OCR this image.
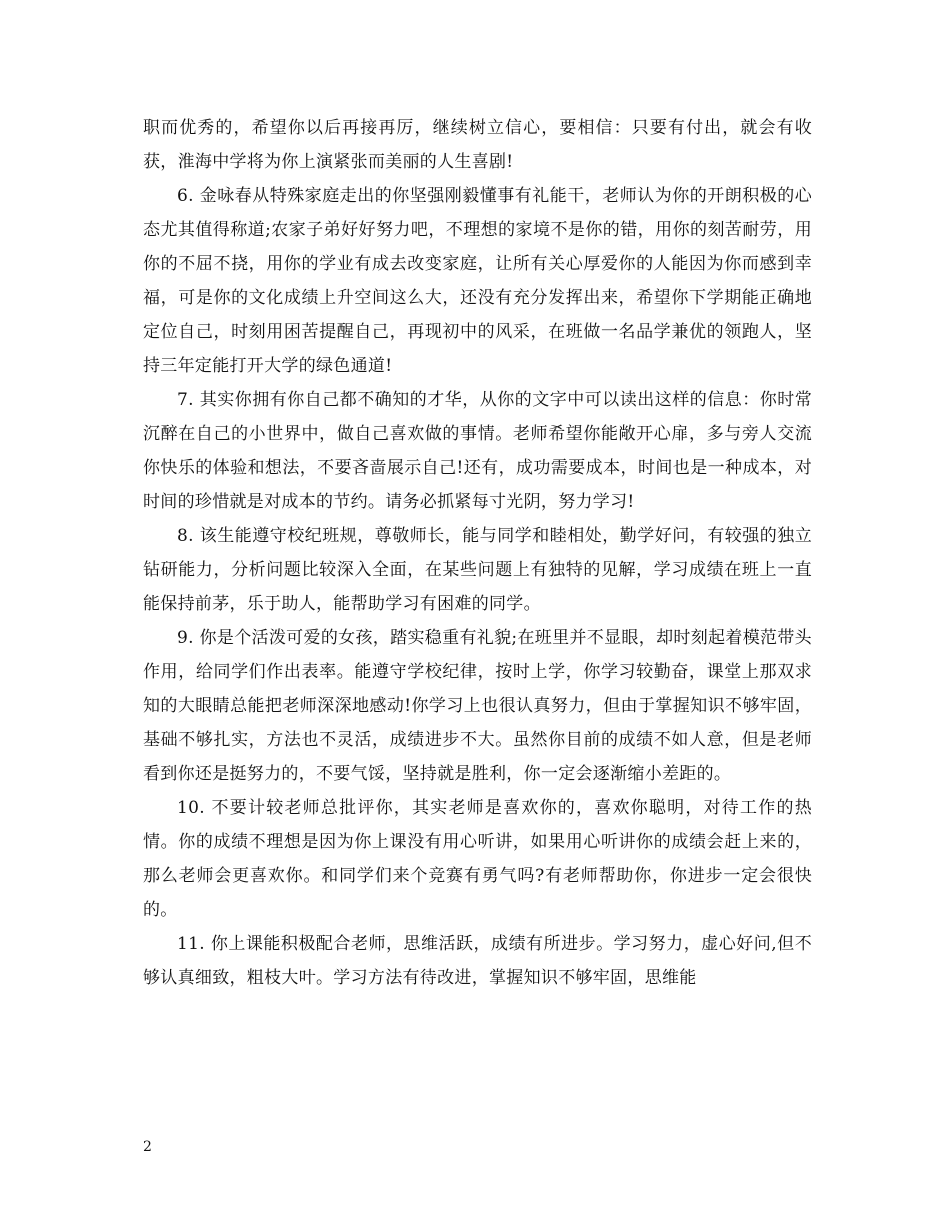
职而优秀的，希望你以后再接再厉，继续树立信心，要相信：只要有付出，就会有收获，淮海中学将为你上演紧张而美丽的人生喜剧!

6. 金咏春从特殊家庭走出的你坚强刚毅懂事有礼能干，老师认为你的开朗积极的心态尤其值得称道;农家子弟好好努力吧，不理想的家境不是你的错，用你的刻苦耐劳，用你的不屈不挠，用你的学业有成去改变家庭，让所有关心厚爱你的人能因为你而感到幸福，可是你的文化成绩上升空间这么大，还没有充分发挥出来，希望你下学期能正确地定位自己，时刻用困苦提醒自己，再现初中的风采，在班做一名品学兼优的领跑人，坚持三年定能打开大学的绿色通道!

7. 其实你拥有你自己都不确知的才华，从你的文字中可以读出这样的信息：你时常沉醉在自己的小世界中，做自己喜欢做的事情。老师希望你能敞开心扉，多与旁人交流你快乐的体验和想法，不要吝啬展示自己!还有，成功需要成本，时间也是一种成本，对时间的珍惜就是对成本的节约。请务必抓紧每寸光阴，努力学习!

8. 该生能遵守校纪班规，尊敬师长，能与同学和睦相处，勤学好问，有较强的独立钻研能力，分析问题比较深入全面，在某些问题上有独特的见解，学习成绩在班上一直能保持前茅，乐于助人，能帮助学习有困难的同学。

9. 你是个活泼可爱的女孩，踏实稳重有礼貌;在班里并不显眼，却时刻起着模范带头作用，给同学们作出表率。能遵守学校纪律，按时上学，你学习较勤奋，课堂上那双求知的大眼睛总能把老师深深地感动!你学习上也很认真努力，但由于掌握知识不够牢固，基础不够扎实，方法也不灵活，成绩进步不大。虽然你目前的成绩不如人意，但是老师看到你还是挺努力的，不要气馁，坚持就是胜利，你一定会逐渐缩小差距的。

10. 不要计较老师总批评你，其实老师是喜欢你的，喜欢你聪明，对待工作的热情。你的成绩不理想是因为你上课没有用心听讲，如果用心听讲你的成绩会赶上来的，那么老师会更喜欢你。和同学们来个竞赛有勇气吗?有老师帮助你，你进步一定会很快的。

11. 你上课能积极配合老师，思维活跃，成绩有所进步。学习努力，虚心好问,但不够认真细致，粗枝大叶。学习方法有待改进，掌握知识不够牢固，思维能

2
